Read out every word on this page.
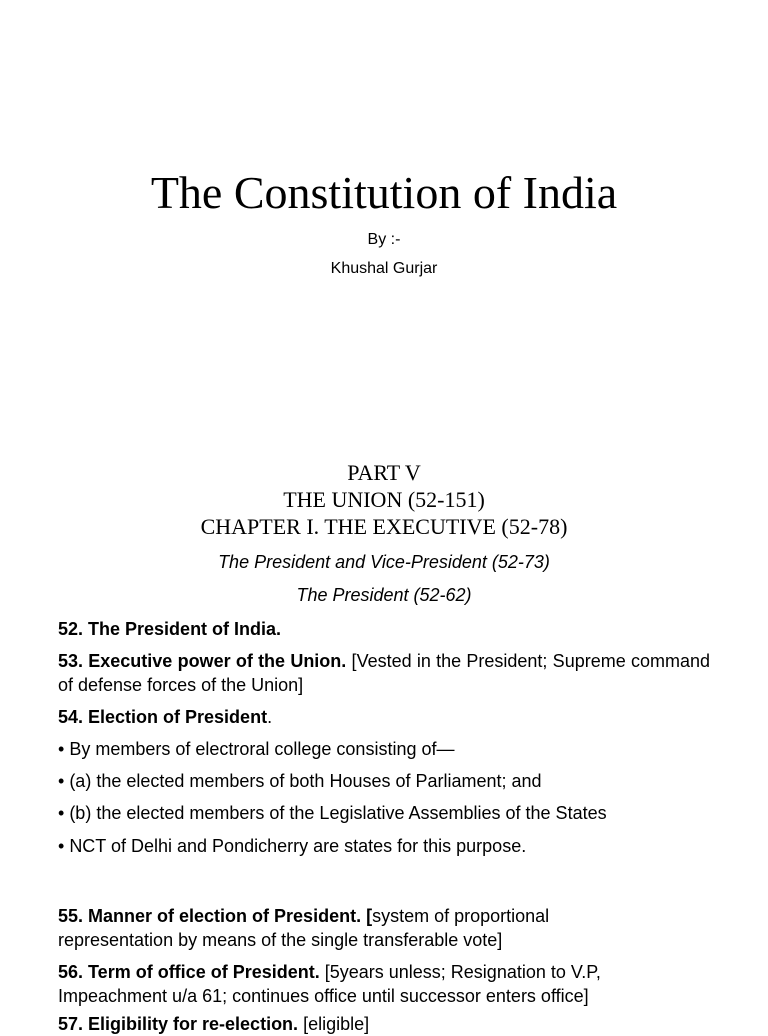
The Constitution of India
By :-
Khushal Gurjar
PART V
THE UNION (52-151)
CHAPTER I. THE EXECUTIVE (52-78)
The President and Vice-President (52-73)
The President (52-62)
52. The President of India.
53. Executive power of the Union. [Vested in the President; Supreme command of defense forces of the Union]
54. Election of President.
• By members of electroral college consisting of—
• (a) the elected members of both Houses of Parliament; and
• (b) the elected members of the Legislative Assemblies of the States
• NCT of Delhi and Pondicherry are states for this purpose.
55. Manner of election of President. [system of proportional representation by means of the single transferable vote]
56. Term of office of President. [5years unless; Resignation to V.P, Impeachment u/a 61; continues office until successor enters office]
57. Eligibility for re-election. [eligible]
